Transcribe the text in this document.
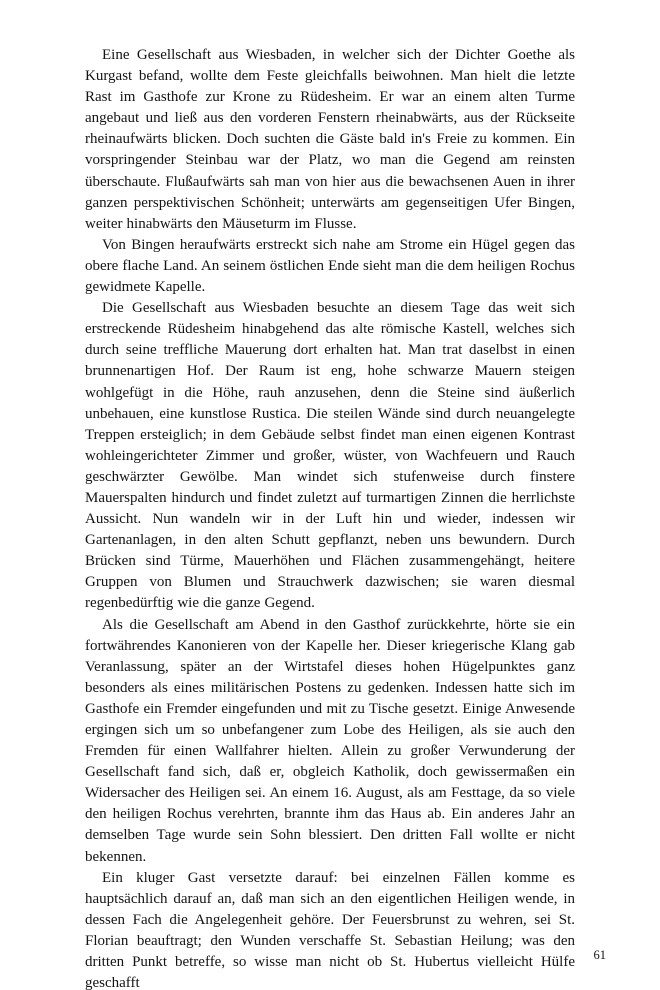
Eine Gesellschaft aus Wiesbaden, in welcher sich der Dichter Goethe als Kurgast befand, wollte dem Feste gleichfalls beiwohnen. Man hielt die letzte Rast im Gasthofe zur Krone zu Rüdesheim. Er war an einem alten Turme angebaut und ließ aus den vorderen Fenstern rheinabwärts, aus der Rückseite rheinaufwärts blicken. Doch suchten die Gäste bald in's Freie zu kommen. Ein vorspringender Steinbau war der Platz, wo man die Gegend am reinsten überschaute. Flußaufwärts sah man von hier aus die bewachsenen Auen in ihrer ganzen perspektivischen Schönheit; unterwärts am gegenseitigen Ufer Bingen, weiter hinabwärts den Mäuseturm im Flusse.

Von Bingen heraufwärts erstreckt sich nahe am Strome ein Hügel gegen das obere flache Land. An seinem östlichen Ende sieht man die dem heiligen Rochus gewidmete Kapelle.

Die Gesellschaft aus Wiesbaden besuchte an diesem Tage das weit sich erstreckende Rüdesheim hinabgehend das alte römische Kastell, welches sich durch seine treffliche Mauerung dort erhalten hat. Man trat daselbst in einen brunnenartigen Hof. Der Raum ist eng, hohe schwarze Mauern steigen wohlgefügt in die Höhe, rauh anzusehen, denn die Steine sind äußerlich unbehauen, eine kunstlose Rustica. Die steilen Wände sind durch neuangelegte Treppen ersteiglich; in dem Gebäude selbst findet man einen eigenen Kontrast wohleingerichteter Zimmer und großer, wüster, von Wachfeuern und Rauch geschwärzter Gewölbe. Man windet sich stufenweise durch finstere Mauerspalten hindurch und findet zuletzt auf turmartigen Zinnen die herrlichste Aussicht. Nun wandeln wir in der Luft hin und wieder, indessen wir Gartenanlagen, in den alten Schutt gepflanzt, neben uns bewundern. Durch Brücken sind Türme, Mauerhöhen und Flächen zusammengehängt, heitere Gruppen von Blumen und Strauchwerk dazwischen; sie waren diesmal regenbedürftig wie die ganze Gegend.

Als die Gesellschaft am Abend in den Gasthof zurückkehrte, hörte sie ein fortwährendes Kanonieren von der Kapelle her. Dieser kriegerische Klang gab Veranlassung, später an der Wirtstafel dieses hohen Hügelpunktes ganz besonders als eines militärischen Postens zu gedenken. Indessen hatte sich im Gasthofe ein Fremder eingefunden und mit zu Tische gesetzt. Einige Anwesende ergingen sich um so unbefangener zum Lobe des Heiligen, als sie auch den Fremden für einen Wallfahrer hielten. Allein zu großer Verwunderung der Gesellschaft fand sich, daß er, obgleich Katholik, doch gewissermaßen ein Widersacher des Heiligen sei. An einem 16. August, als am Festtage, da so viele den heiligen Rochus verehrten, brannte ihm das Haus ab. Ein anderes Jahr an demselben Tage wurde sein Sohn blessiert. Den dritten Fall wollte er nicht bekennen.

Ein kluger Gast versetzte darauf: bei einzelnen Fällen komme es hauptsächlich darauf an, daß man sich an den eigentlichen Heiligen wende, in dessen Fach die Angelegenheit gehöre. Der Feuersbrunst zu wehren, sei St. Florian beauftragt; den Wunden verschaffe St. Sebastian Heilung; was den dritten Punkt betreffe, so wisse man nicht ob St. Hubertus vielleicht Hülfe geschafft

61
